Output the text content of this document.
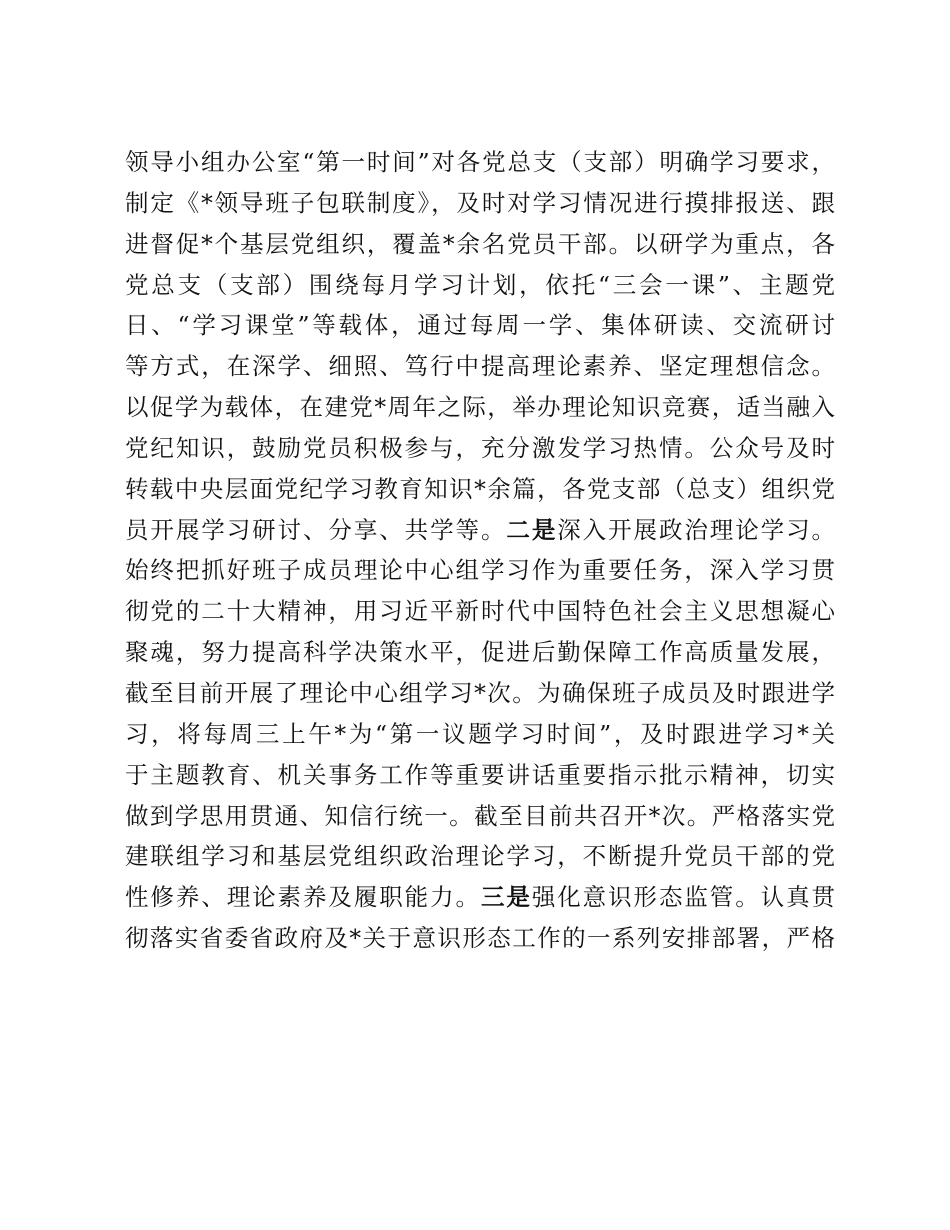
领导小组办公室“第一时间”对各党总支（支部）明确学习要求，
制定《*领导班子包联制度》，及时对学习情况进行摸排报送、跟
进督促*个基层党组织，覆盖*余名党员干部。以研学为重点，各
党总支（支部）围绕每月学习计划，依托“三会一课”、主题党
日、“学习课堂”等载体，通过每周一学、集体研读、交流研讨
等方式，在深学、细照、笃行中提高理论素养、坚定理想信念。
以促学为载体，在建党*周年之际，举办理论知识竞赛，适当融入
党纪知识，鼓励党员积极参与，充分激发学习热情。公众号及时
转载中央层面党纪学习教育知识*余篇，各党支部（总支）组织党
员开展学习研讨、分享、共学等。二是深入开展政治理论学习。
始终把抓好班子成员理论中心组学习作为重要任务，深入学习贯
彻党的二十大精神，用习近平新时代中国特色社会主义思想凝心
聚魂，努力提高科学决策水平，促进后勤保障工作高质量发展，
截至目前开展了理论中心组学习*次。为确保班子成员及时跟进学
习，将每周三上午*为“第一议题学习时间”，及时跟进学习*关
于主题教育、机关事务工作等重要讲话重要指示批示精神，切实
做到学思用贯通、知信行统一。截至目前共召开*次。严格落实党
建联组学习和基层党组织政治理论学习，不断提升党员干部的党
性修养、理论素养及履职能力。三是强化意识形态监管。认真贯
彻落实省委省政府及*关于意识形态工作的一系列安排部署，严格
